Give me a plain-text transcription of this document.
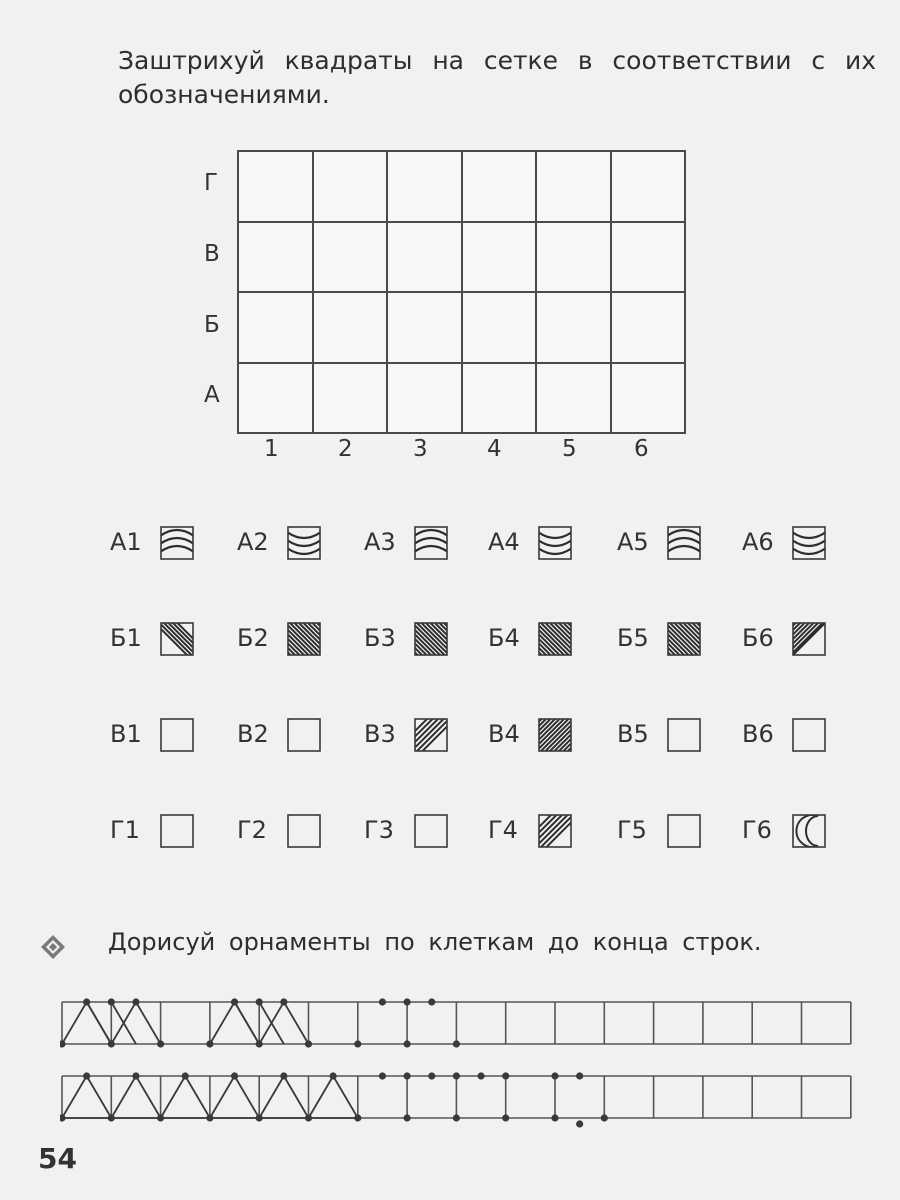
Заштрихуй квадраты на сетке в соответствии с их обозначениями.

Г
В
Б
А
1	2	3	4	5 6
А1	А2	А3	А4	А5	А6
Б1	Б2	Б3	Б4	Б5	Б6
В1	В2	В3	В4	В5	В6
Г1	Г2	Г3	Г4	Г5	Г6

Дорисуй орнаменты по клеткам до конца строк.

54
